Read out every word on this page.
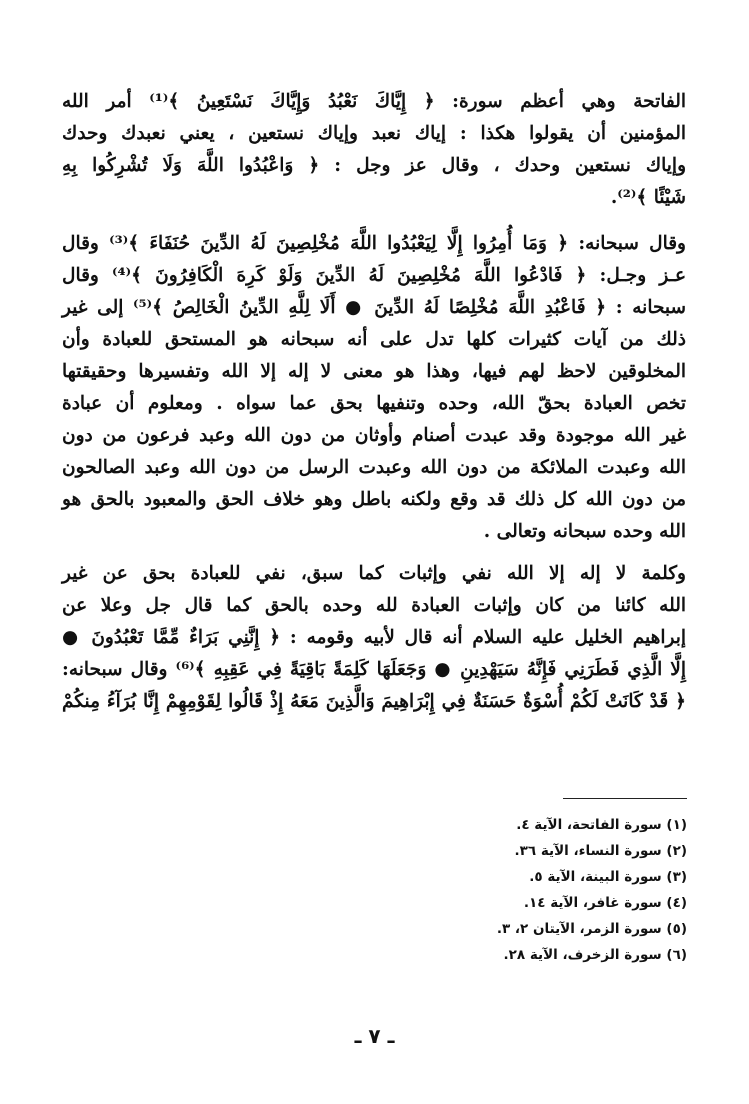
الفاتحة وهي أعظم سورة: ﴿ إِيَّاكَ نَعْبُدُ وَإِيَّاكَ نَسْتَعِينُ ﴾⁽¹⁾ أمر الله
المؤمنين أن يقولوا هكذا : إياك نعبد وإياك نستعين ، يعني نعبدك وحدك
وإياك نستعين وحدك ، وقال عز وجل : ﴿ وَاعْبُدُوا اللَّهَ وَلَا تُشْرِكُوا بِهِ
شَيْئًا ﴾⁽²⁾.
وقال سبحانه: ﴿ وَمَا أُمِرُوا إِلَّا لِيَعْبُدُوا اللَّهَ مُخْلِصِينَ لَهُ الدِّينَ حُنَفَاءَ ﴾⁽³⁾ وقال
عـز وجـل: ﴿ فَادْعُوا اللَّهَ مُخْلِصِينَ لَهُ الدِّينَ وَلَوْ كَرِهَ الْكَافِرُونَ ﴾⁽⁴⁾ وقال
سبحانه : ﴿ فَاعْبُدِ اللَّهَ مُخْلِصًا لَهُ الدِّينَ ● أَلَا لِلَّهِ الدِّينُ الْخَالِصُ ﴾⁽⁵⁾ إلى غير
ذلك من آيات كثيرات كلها تدل على أنه سبحانه هو المستحق للعبادة وأن
المخلوقين لاحظ لهم فيها، وهذا هو معنى لا إله إلا الله وتفسيرها وحقيقتها
تخص العبادة بحقّ الله، وحده وتنفيها بحق عما سواه . ومعلوم أن عبادة
غير الله موجودة وقد عبدت أصنام وأوثان من دون الله وعبد فرعون من دون
الله وعبدت الملائكة من دون الله وعبدت الرسل من دون الله وعبد الصالحون
من دون الله كل ذلك قد وقع ولكنه باطل وهو خلاف الحق والمعبود بالحق هو
الله وحده سبحانه وتعالى .
وكلمة لا إله إلا الله نفي وإثبات كما سبق، نفي للعبادة بحق عن غير
الله كائنا من كان وإثبات العبادة لله وحده بالحق كما قال جل وعلا عن
إبراهيم الخليل عليه السلام أنه قال لأبيه وقومه : ﴿ إِنَّنِي بَرَاءٌ مِّمَّا تَعْبُدُونَ ●
إِلَّا الَّذِي فَطَرَنِي فَإِنَّهُ سَيَهْدِينِ ● وَجَعَلَهَا كَلِمَةً بَاقِيَةً فِي عَقِبِهِ ﴾⁽⁶⁾ وقال سبحانه:
﴿ قَدْ كَانَتْ لَكُمْ أُسْوَةٌ حَسَنَةٌ فِي إِبْرَاهِيمَ وَالَّذِينَ مَعَهُ إِذْ قَالُوا لِقَوْمِهِمْ إِنَّا بُرَآءُ مِنكُمْ
(١) سورة الفاتحة، الآية ٤.
(٢) سورة النساء، الآية ٣٦.
(٣) سورة البينة، الآية ٥.
(٤) سورة غافر، الآية ١٤.
(٥) سورة الزمر، الآيتان ٢، ٣.
(٦) سورة الزخرف، الآية ٢٨.
ـ ٧ ـ
